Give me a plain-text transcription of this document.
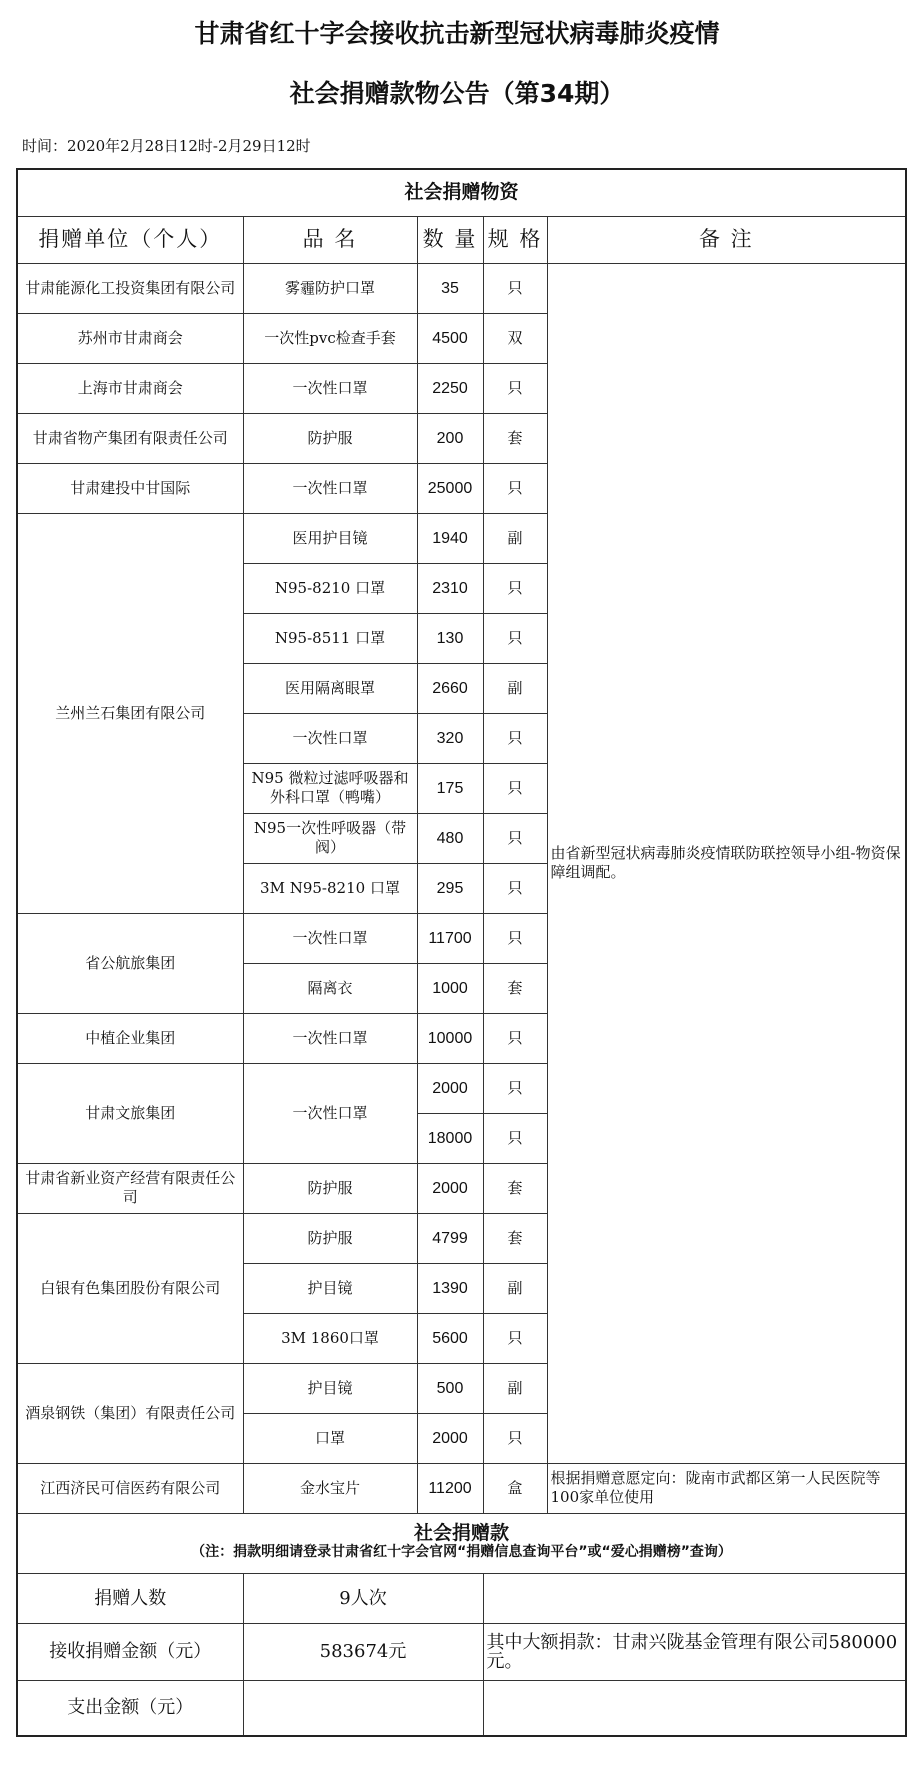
甘肃省红十字会接收抗击新型冠状病毒肺炎疫情
社会捐赠款物公告（第34期）
时间：2020年2月28日12时-2月29日12时
社会捐赠物资				
捐赠单位（个人）	品 名	数 量	规 格	备 注
甘肃能源化工投资集团有限公司	雾霾防护口罩	35	只	由省新型冠状病毒肺炎疫情联防联控领导小组-物资保障组调配。
苏州市甘肃商会	一次性pvc检查手套	4500	双	
上海市甘肃商会	一次性口罩	2250	只	
甘肃省物产集团有限责任公司	防护服	200	套	
甘肃建投中甘国际	一次性口罩	25000	只	
兰州兰石集团有限公司	医用护目镜	1940	副	
	N95-8210 口罩	2310	只	
	N95-8511 口罩	130	只	
	医用隔离眼罩	2660	副	
	一次性口罩	320	只	
	N95 微粒过滤呼吸器和外科口罩（鸭嘴）	175	只	
	N95一次性呼吸器（带阀）	480	只	
	3M N95-8210 口罩	295	只	
省公航旅集团	一次性口罩	11700	只	
	隔离衣	1000	套	
中植企业集团	一次性口罩	10000	只	
甘肃文旅集团	一次性口罩	2000	只	
		18000	只	
甘肃省新业资产经营有限责任公司	防护服	2000	套	
白银有色集团股份有限公司	防护服	4799	套	
	护目镜	1390	副	
	3M 1860口罩	5600	只	
酒泉钢铁（集团）有限责任公司	护目镜	500	副	
	口罩	2000	只	
江西济民可信医药有限公司	金水宝片	11200	盒	根据捐赠意愿定向：陇南市武都区第一人民医院等100家单位使用

社会捐赠款
（注：捐款明细请登录甘肃省红十字会官网“捐赠信息查询平台”或“爱心捐赠榜”查询）				

捐赠人数	9人次			
接收捐赠金额（元）	583674元		其中大额捐款：甘肃兴陇基金管理有限公司580000元。	
支出金额（元）				
